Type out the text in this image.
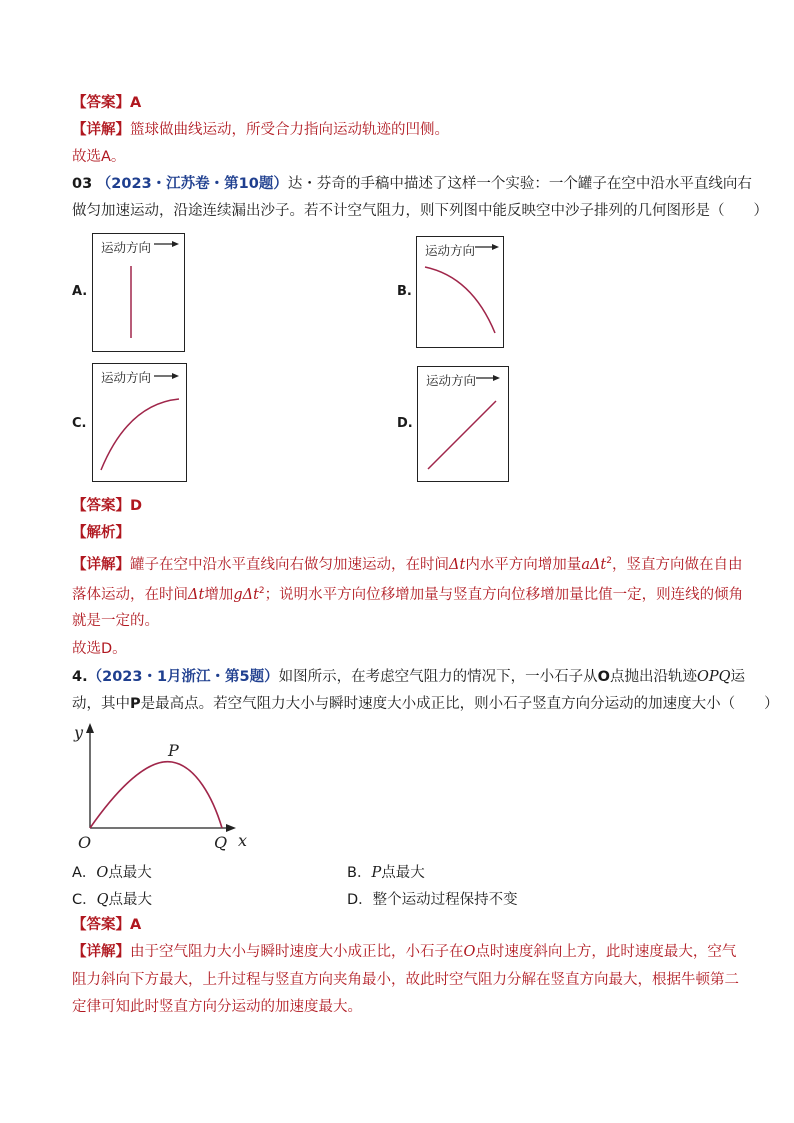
【答案】A
【详解】篮球做曲线运动，所受合力指向运动轨迹的凹侧。
故选A。
03 （2023・江苏卷・第10题）达・芬奇的手稿中描述了这样一个实验：一个罐子在空中沿水平直线向右
做匀加速运动，沿途连续漏出沙子。若不计空气阻力，则下列图中能反映空中沙子排列的几何图形是（　　）
A.
运动方向
B.
运动方向
C.
运动方向
D.
运动方向
【答案】D
【解析】
【详解】罐子在空中沿水平直线向右做匀加速运动，在时间Δt内水平方向增加量aΔt$^2$，竖直方向做在自由
落体运动，在时间Δt增加gΔt$^2$；说明水平方向位移增加量与竖直方向位移增加量比值一定，则连线的倾角
就是一定的。
故选D。
4.（2023・1月浙江・第5题）如图所示，在考虑空气阻力的情况下，一小石子从O点抛出沿轨迹OPQ运
动，其中P是最高点。若空气阻力大小与瞬时速度大小成正比，则小石子竖直方向分运动的加速度大小（　　）
y
x
O
P
Q
A．O点最大	B．P点最大
C．Q点最大	D．整个运动过程保持不变
【答案】A
【详解】由于空气阻力大小与瞬时速度大小成正比，小石子在O点时速度斜向上方，此时速度最大，空气
阻力斜向下方最大，上升过程与竖直方向夹角最小，故此时空气阻力分解在竖直方向最大，根据牛顿第二
定律可知此时竖直方向分运动的加速度最大。
